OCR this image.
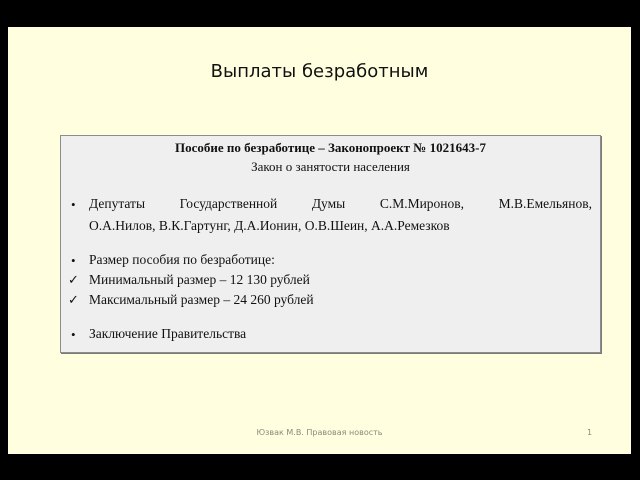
Выплаты безработным
Пособие по безработице – Законопроект № 1021643-7
Закон о занятости населения
• Депутаты Государственной Думы С.М.Миронов, М.В.Емельянов,
О.А.Нилов, В.К.Гартунг, Д.А.Ионин, О.В.Шеин, А.А.Ремезков
• Размер пособия по безработице:
✓ Минимальный размер – 12 130 рублей
✓ Максимальный размер – 24 260 рублей
• Заключение Правительства
Юзвак М.В. Правовая новость	1
